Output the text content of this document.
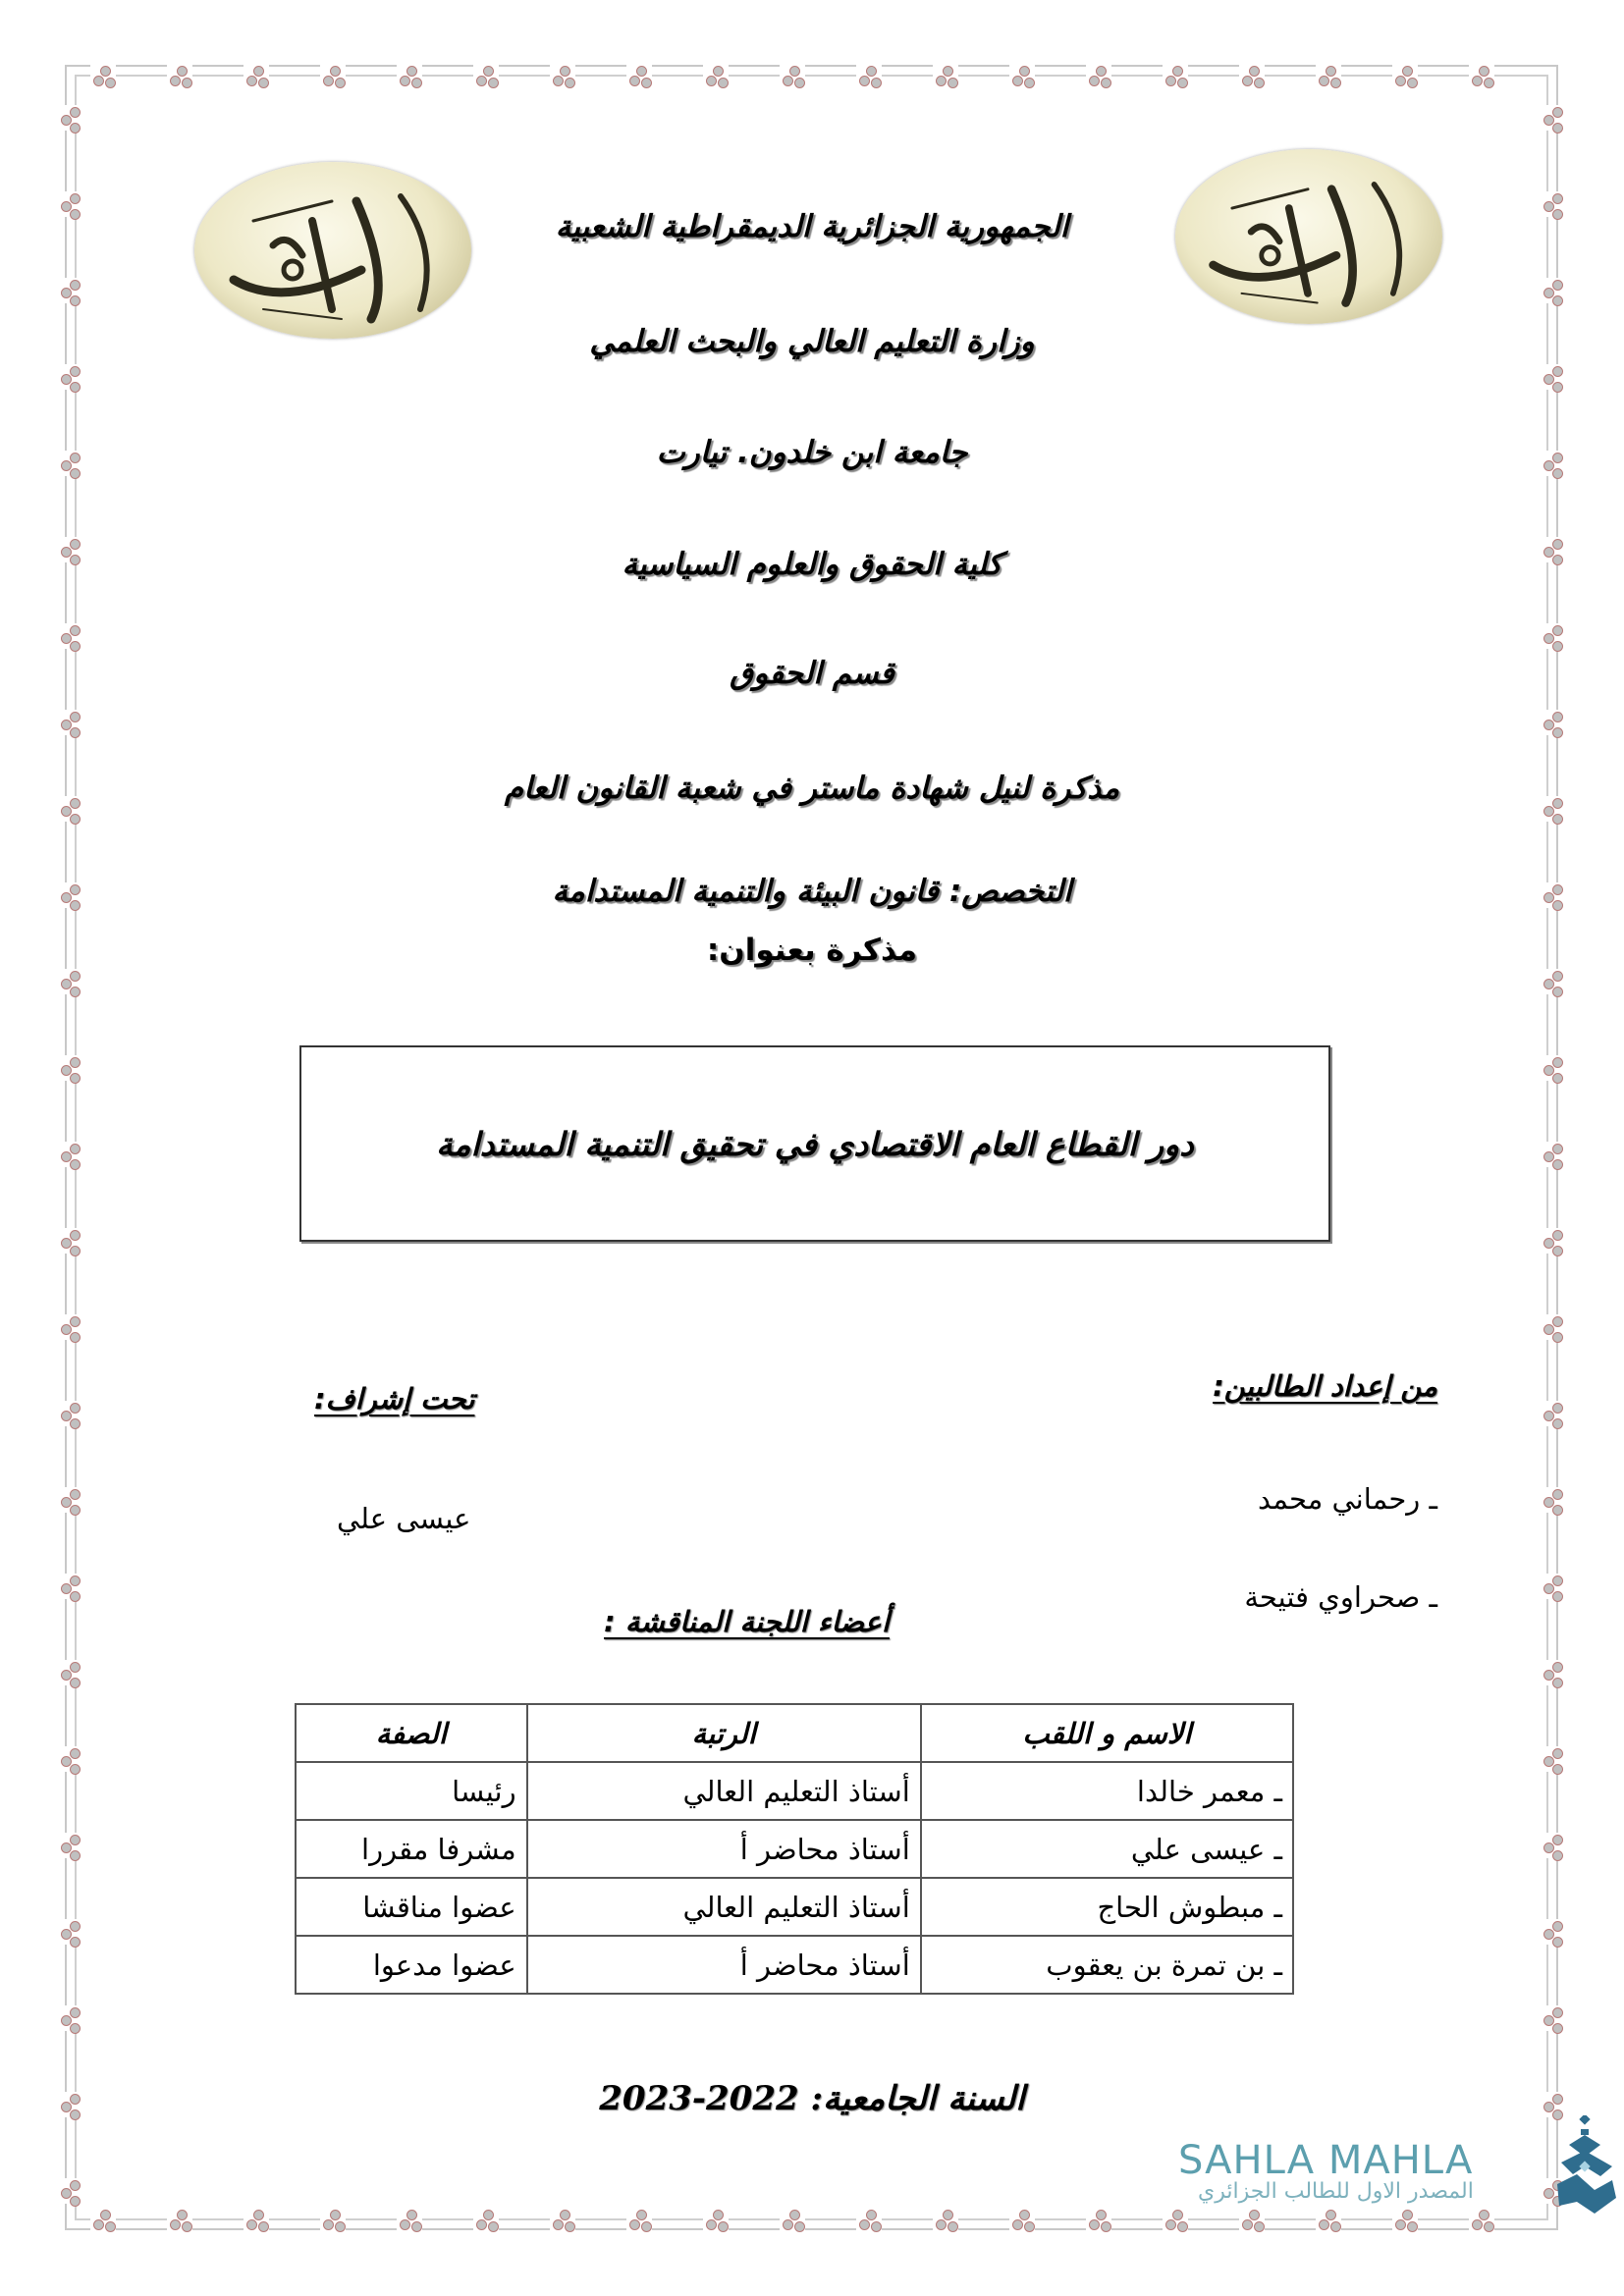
الجمهورية الجزائرية الديمقراطية الشعبية
وزارة التعليم العالي والبحث العلمي
جامعة ابن خلدون. تيارت
كلية الحقوق والعلوم السياسية
قسم الحقوق
مذكرة لنيل شهادة ماستر في شعبة القانون العام
التخصص: قانون البيئة والتنمية المستدامة
مذكرة بعنوان:
دور القطاع العام الاقتصادي في تحقيق التنمية المستدامة
من إعداد الطالبين:
ـ رحماني محمد
ـ صحراوي فتيحة
تحت إشراف:
عيسى علي
أعضاء اللجنة المناقشة :
الاسم و اللقب	الرتبة	الصفة
ـ معمر خالدا	أستاذ التعليم العالي	رئيسا
ـ عيسى علي	أستاذ محاضر أ	مشرفا مقررا
ـ مبطوش الحاج	أستاذ التعليم العالي	عضوا مناقشا
ـ بن تمرة بن يعقوب	أستاذ محاضر أ	عضوا مدعوا
السنة الجامعية: 2022-2023
SAHLA MAHLA
المصدر الاول للطالب الجزائري
